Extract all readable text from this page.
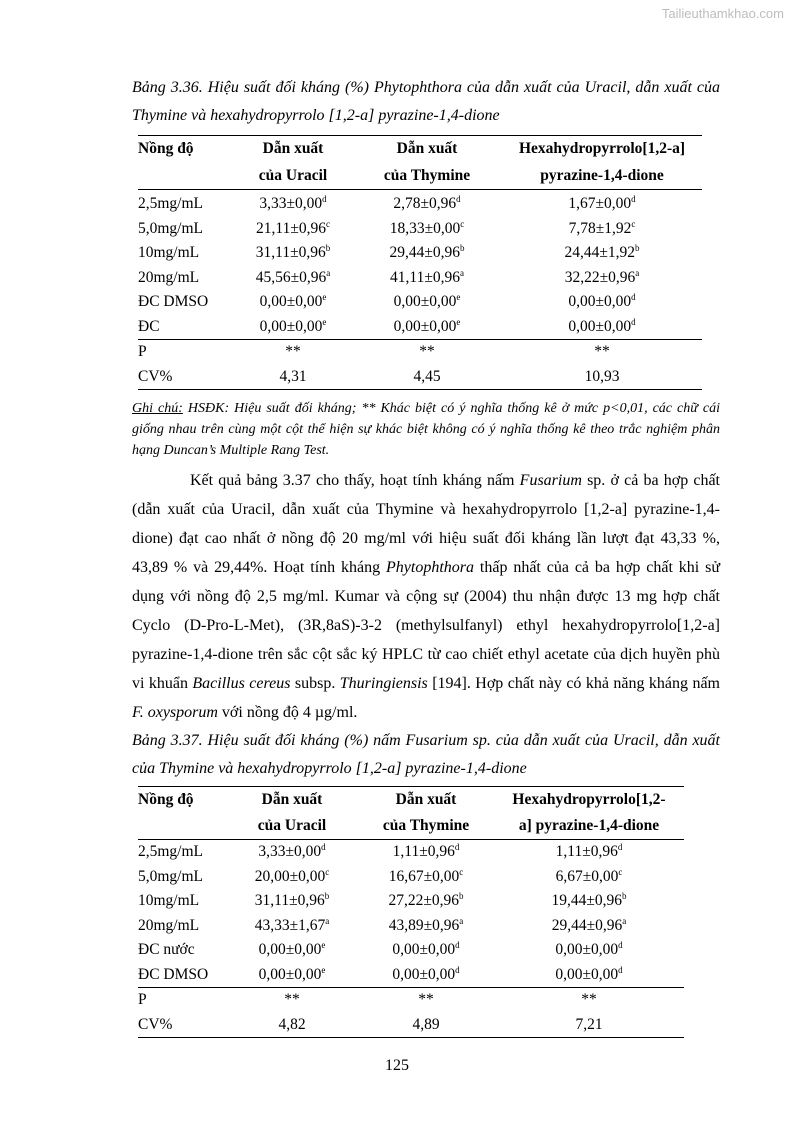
Tailieuthamkhao.com
Bảng 3.36. Hiệu suất đối kháng (%) Phytophthora của dẫn xuất của Uracil, dẫn xuất của Thymine và hexahydropyrrolo [1,2-a] pyrazine-1,4-dione
Nồng độ	Dẫn xuất	Dẫn xuất	Hexahydropyrrolo[1,2-a]
	của Uracil	của Thymine	pyrazine-1,4-dione
2,5mg/mL	3,33±0,00$^d$	2,78±0,96$^d$	1,67±0,00$^d$
5,0mg/mL	21,11±0,96$^c$	18,33±0,00$^c$	7,78±1,92$^c$
10mg/mL	31,11±0,96$^b$	29,44±0,96$^b$	24,44±1,92$^b$
20mg/mL	45,56±0,96$^a$	41,11±0,96$^a$	32,22±0,96$^a$
ĐC DMSO	0,00±0,00$^e$	0,00±0,00$^e$	0,00±0,00$^d$
ĐC	0,00±0,00$^e$	0,00±0,00$^e$	0,00±0,00$^d$
P	**	**	**
CV%	4,31	4,45	10,93
Ghi chú: HSĐK: Hiệu suất đối kháng; ** Khác biệt có ý nghĩa thống kê ở mức p<0,01, các chữ cái giống nhau trên cùng một cột thể hiện sự khác biệt không có ý nghĩa thống kê theo trắc nghiệm phân hạng Duncan’s Multiple Rang Test.

Kết quả bảng 3.37 cho thấy, hoạt tính kháng nấm Fusarium sp. ở cả ba hợp chất (dẫn xuất của Uracil, dẫn xuất của Thymine và hexahydropyrrolo [1,2-a] pyrazine-1,4-dione) đạt cao nhất ở nồng độ 20 mg/ml với hiệu suất đối kháng lần lượt đạt 43,33 %, 43,89 % và 29,44%. Hoạt tính kháng Phytophthora thấp nhất của cả ba hợp chất khi sử dụng với nồng độ 2,5 mg/ml. Kumar và cộng sự (2004) thu nhận được 13 mg hợp chất Cyclo (D-Pro-L-Met), (3R,8aS)-3-2 (methylsulfanyl) ethyl hexahydropyrrolo[1,2-a] pyrazine-1,4-dione trên sắc cột sắc ký HPLC từ cao chiết ethyl acetate của dịch huyền phù vi khuẩn Bacillus cereus subsp. Thuringiensis [194]. Hợp chất này có khả năng kháng nấm F. oxysporum với nồng độ 4 µg/ml.

Bảng 3.37. Hiệu suất đối kháng (%) nấm Fusarium sp. của dẫn xuất của Uracil, dẫn xuất của Thymine và hexahydropyrrolo [1,2-a] pyrazine-1,4-dione
Nồng độ	Dẫn xuất	Dẫn xuất	Hexahydropyrrolo[1,2-
	của Uracil	của Thymine	a] pyrazine-1,4-dione
2,5mg/mL	3,33±0,00$^d$	1,11±0,96$^d$	1,11±0,96$^d$
5,0mg/mL	20,00±0,00$^c$	16,67±0,00$^c$	6,67±0,00$^c$
10mg/mL	31,11±0,96$^b$	27,22±0,96$^b$	19,44±0,96$^b$
20mg/mL	43,33±1,67$^a$	43,89±0,96$^a$	29,44±0,96$^a$
ĐC nước	0,00±0,00$^e$	0,00±0,00$^d$	0,00±0,00$^d$
ĐC DMSO	0,00±0,00$^e$	0,00±0,00$^d$	0,00±0,00$^d$
P	**	**	**
CV%	4,82	4,89	7,21
125
